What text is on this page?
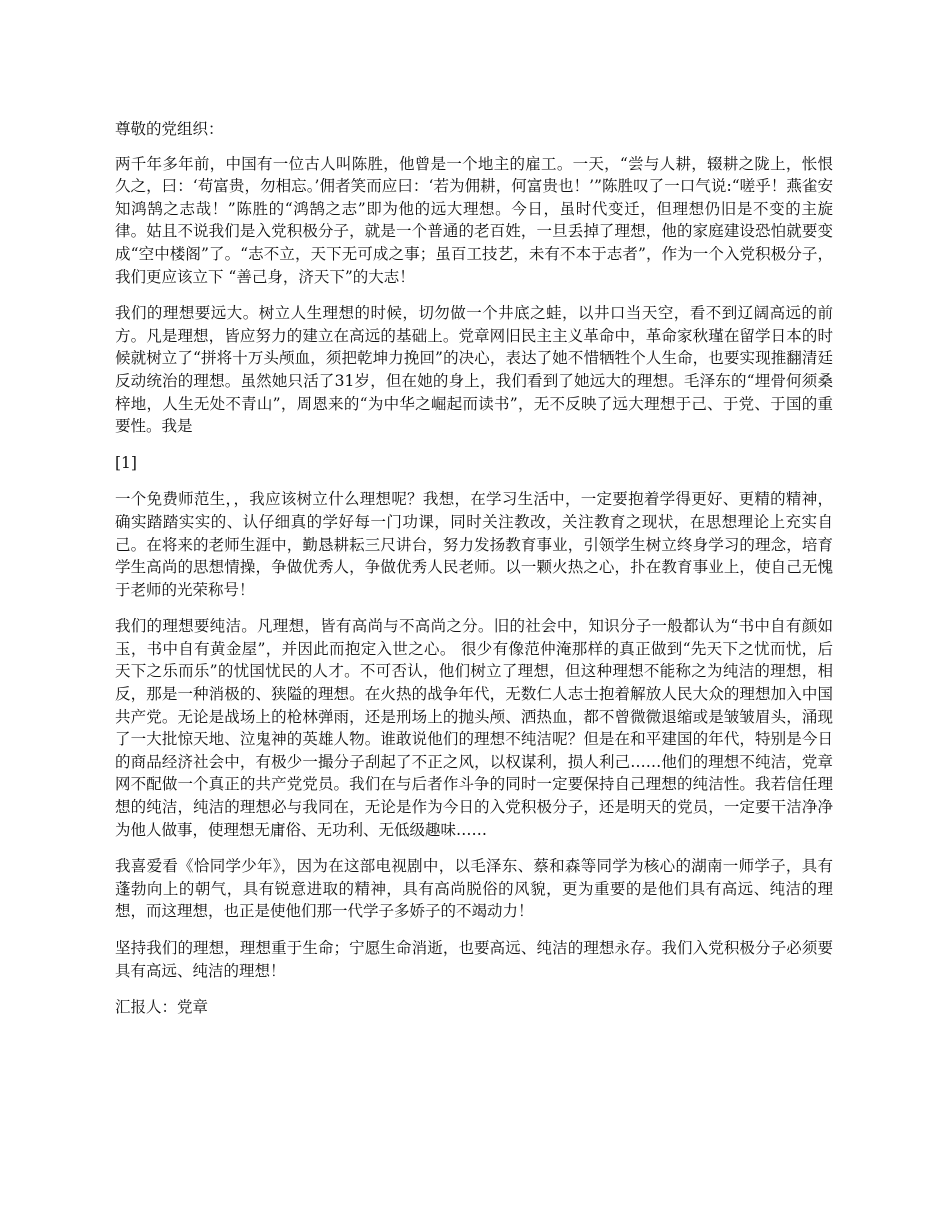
尊敬的党组织：

两千年多年前，中国有一位古人叫陈胜，他曾是一个地主的雇工。一天，“尝与人耕，辍耕之陇上，怅恨久之，曰：‘苟富贵，勿相忘。’佣者笑而应曰：‘若为佣耕，何富贵也！’”陈胜叹了一口气说:“嗟乎！燕雀安知鸿鹄之志哉！”陈胜的“鸿鹄之志”即为他的远大理想。今日，虽时代变迁，但理想仍旧是不变的主旋律。姑且不说我们是入党积极分子，就是一个普通的老百姓，一旦丢掉了理想，他的家庭建设恐怕就要变成“空中楼阁”了。“志不立，天下无可成之事；虽百工技艺，未有不本于志者”，作为一个入党积极分子，我们更应该立下 “善己身，济天下”的大志！

我们的理想要远大。树立人生理想的时候，切勿做一个井底之蛙，以井口当天空，看不到辽阔高远的前方。凡是理想，皆应努力的建立在高远的基础上。党章网旧民主主义革命中，革命家秋瑾在留学日本的时候就树立了“拼将十万头颅血，须把乾坤力挽回”的决心，表达了她不惜牺牲个人生命，也要实现推翻清廷反动统治的理想。虽然她只活了31岁，但在她的身上，我们看到了她远大的理想。毛泽东的“埋骨何须桑梓地，人生无处不青山”，周恩来的“为中华之崛起而读书”，无不反映了远大理想于己、于党、于国的重要性。我是

[1]

一个免费师范生，，我应该树立什么理想呢？我想，在学习生活中，一定要抱着学得更好、更精的精神，确实踏踏实实的、认仔细真的学好每一门功课，同时关注教改，关注教育之现状，在思想理论上充实自己。在将来的老师生涯中，勤恳耕耘三尺讲台，努力发扬教育事业，引领学生树立终身学习的理念，培育学生高尚的思想情操，争做优秀人，争做优秀人民老师。以一颗火热之心，扑在教育事业上，使自己无愧于老师的光荣称号！

我们的理想要纯洁。凡理想，皆有高尚与不高尚之分。旧的社会中，知识分子一般都认为“书中自有颜如玉，书中自有黄金屋”，并因此而抱定入世之心。 很少有像范仲淹那样的真正做到“先天下之忧而忧，后天下之乐而乐”的忧国忧民的人才。不可否认，他们树立了理想，但这种理想不能称之为纯洁的理想，相反，那是一种消极的、狭隘的理想。在火热的战争年代，无数仁人志士抱着解放人民大众的理想加入中国共产党。无论是战场上的枪林弹雨，还是刑场上的抛头颅、洒热血，都不曾微微退缩或是皱皱眉头，涌现了一大批惊天地、泣鬼神的英雄人物。谁敢说他们的理想不纯洁呢？但是在和平建国的年代，特别是今日的商品经济社会中，有极少一撮分子刮起了不正之风，以权谋利，损人利己……他们的理想不纯洁，党章网不配做一个真正的共产党党员。我们在与后者作斗争的同时一定要保持自己理想的纯洁性。我若信任理想的纯洁，纯洁的理想必与我同在，无论是作为今日的入党积极分子，还是明天的党员，一定要干洁净净为他人做事，使理想无庸俗、无功利、无低级趣味……

我喜爱看《恰同学少年》，因为在这部电视剧中，以毛泽东、蔡和森等同学为核心的湖南一师学子，具有蓬勃向上的朝气，具有锐意进取的精神，具有高尚脱俗的风貌，更为重要的是他们具有高远、纯洁的理想，而这理想，也正是使他们那一代学子多娇子的不竭动力！

坚持我们的理想，理想重于生命；宁愿生命消逝，也要高远、纯洁的理想永存。我们入党积极分子必须要具有高远、纯洁的理想！

汇报人：党章
